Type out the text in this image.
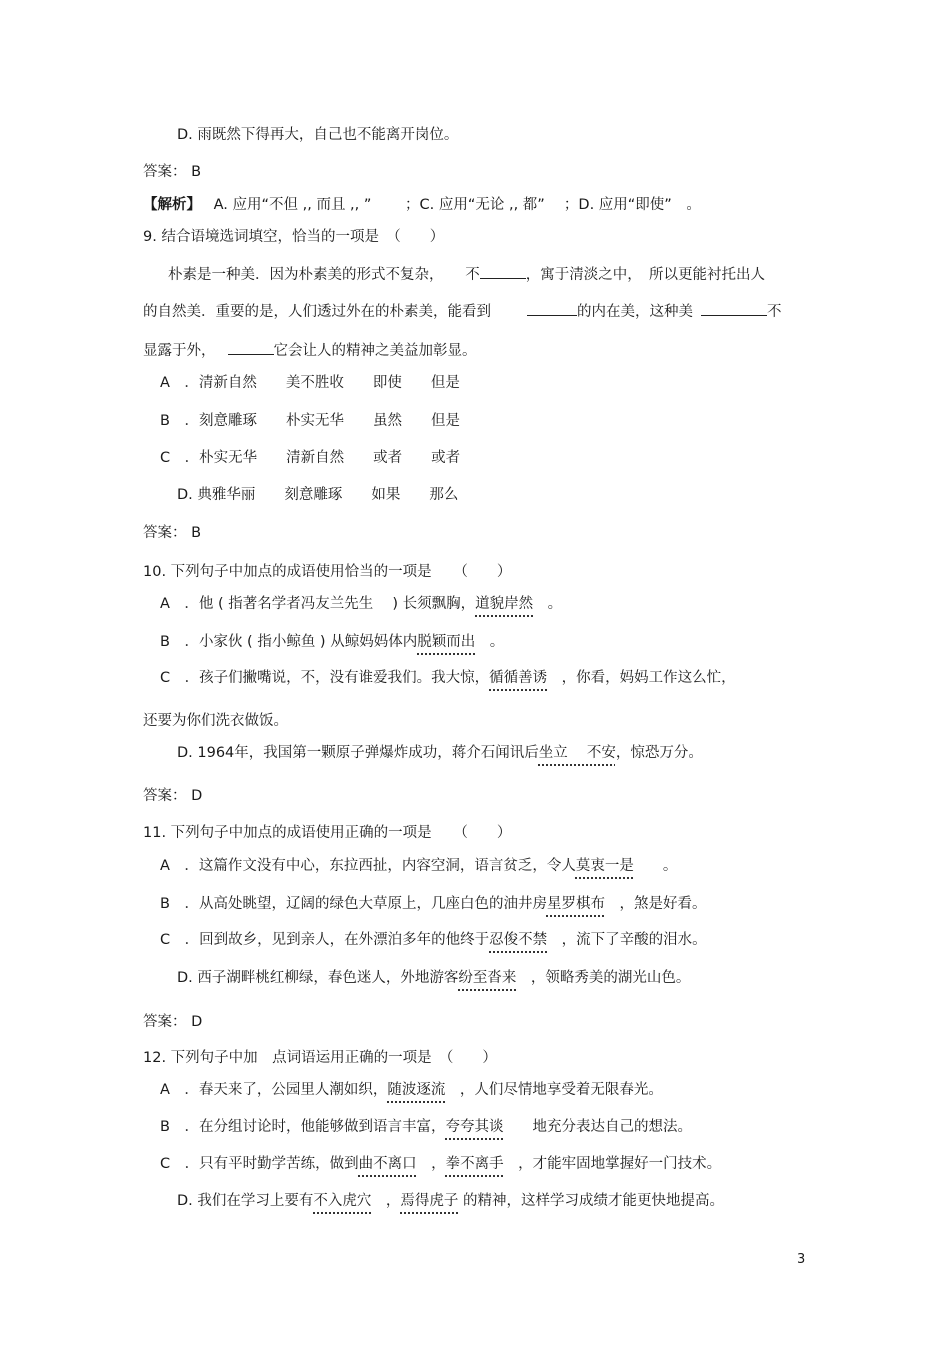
D. 雨既然下得再大，自己也不能离开岗位。
答案： B
【解析】 A. 应用“不但 ,, 而且 ,, ”　　 ；C. 应用“无论 ,, 都”　 ；D. 应用“即使”　。
9. 结合语境选词填空，恰当的一项是　（　　）
朴素是一种美．因为朴素美的形式不复杂，　　不	，寓于清淡之中，　所以更能衬托出人
的自然美．重要的是，人们透过外在的朴素美，能看到	的内在美，这种美	不
显露于外，	它会让人的精神之美益加彰显。
A　．清新自然　　美不胜收　　即使　　但是
B　．刻意雕琢　　朴实无华　　虽然　　但是
C　．朴实无华　　清新自然　　或者　　或者
D. 典雅华丽　　刻意雕琢　　如果　　那么
答案： B
10. 下列句子中加点的成语使用恰当的一项是　　（　　）
A　．他 ( 指著名学者冯友兰先生　 ) 长须飘胸，道貌岸然　。
B　．小家伙 ( 指小鲸鱼 ) 从鲸妈妈体内脱颖而出　。
C　．孩子们撇嘴说，不，没有谁爱我们。我大惊，循循善诱　，你看，妈妈工作这么忙，
还要为你们洗衣做饭。
D. 1964年，我国第一颗原子弹爆炸成功，蒋介石闻讯后坐立　 不安，惊恐万分。
答案： D
11. 下列句子中加点的成语使用正确的一项是　　（　　）
A　．这篇作文没有中心，东拉西扯，内容空洞，语言贫乏，令人莫衷一是　　。
B　．从高处眺望，辽阔的绿色大草原上，几座白色的油井房星罗棋布　，煞是好看。
C　．回到故乡，见到亲人，在外漂泊多年的他终于忍俊不禁　，流下了辛酸的泪水。
D. 西子湖畔桃红柳绿，春色迷人，外地游客纷至沓来　，领略秀美的湖光山色。
答案： D
12. 下列句子中加　点词语运用正确的一项是　（　　）
A　．春天来了，公园里人潮如织，随波逐流　，人们尽情地享受着无限春光。
B　．在分组讨论时，他能够做到语言丰富，夸夸其谈　　地充分表达自己的想法。
C　．只有平时勤学苦练，做到曲不离口　，拳不离手　，才能牢固地掌握好一门技术。
D. 我们在学习上要有不入虎穴　，焉得虎子 的精神，这样学习成绩才能更快地提高。
3
